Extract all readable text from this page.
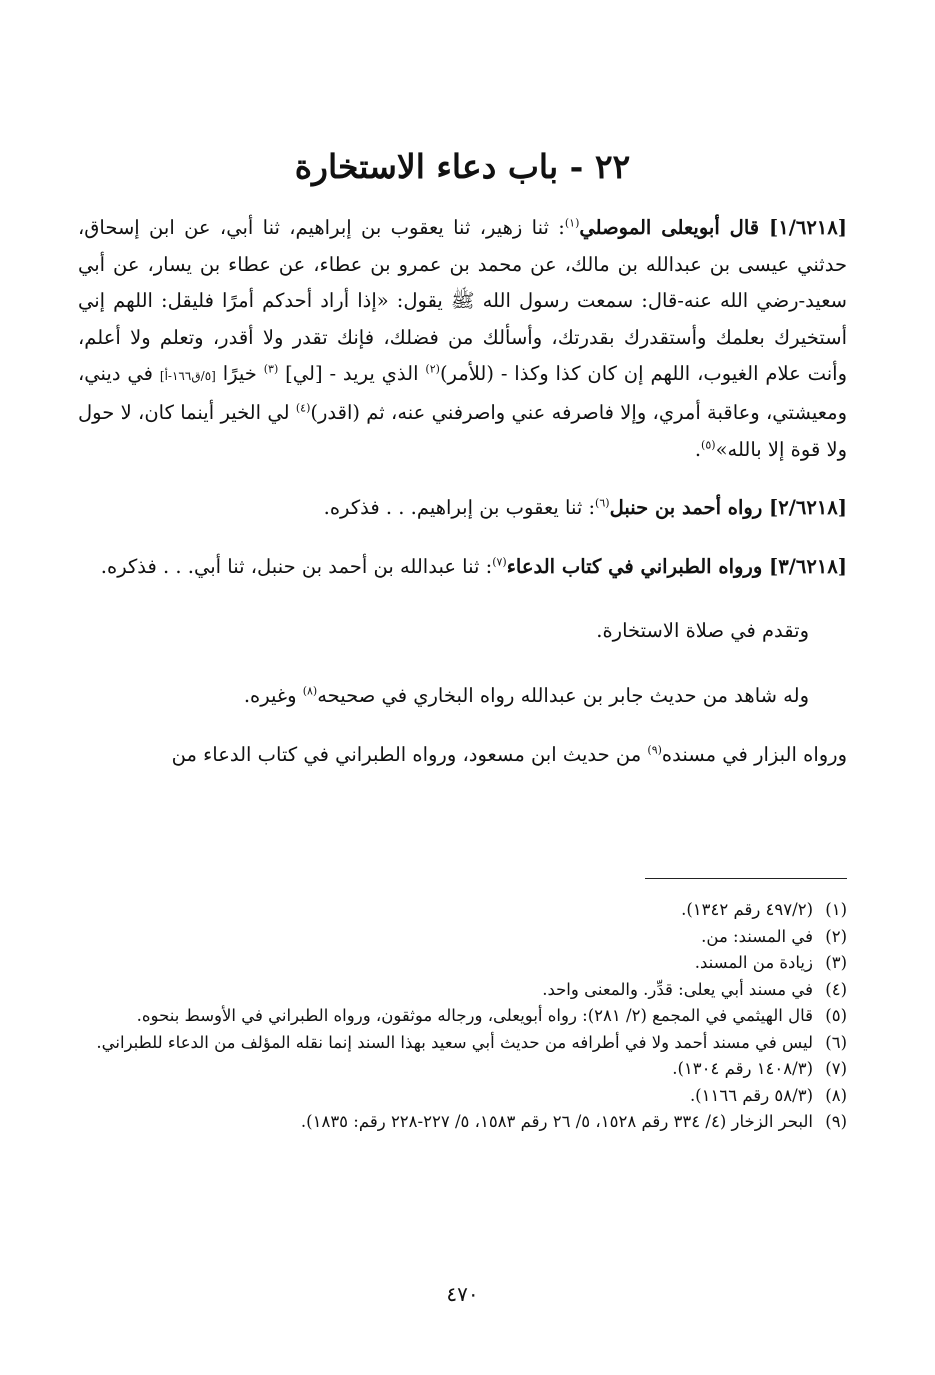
٢٢ - باب دعاء الاستخارة

[١/٦٢١٨] قال أبويعلى الموصلي$^{(١)}$: ثنا زهير، ثنا يعقوب بن إبراهيم، ثنا أبي، عن ابن إسحاق، حدثني عيسى بن عبدالله بن مالك، عن محمد بن عمرو بن عطاء، عن عطاء بن يسار، عن أبي سعيد-رضي الله عنه-قال: سمعت رسول الله ﷺ يقول: «إذا أراد أحدكم أمرًا فليقل: اللهم إني أستخيرك بعلمك وأستقدرك بقدرتك، وأسألك من فضلك، فإنك تقدر ولا أقدر، وتعلم ولا أعلم، وأنت علام الغيوب، اللهم إن كان كذا وكذا - (للأمر)$^{(٢)}$ الذي يريد - [لي] $^{(٣)}$ خيرًا [٥/ق١٦٦-أ] في ديني، ومعيشتي، وعاقبة أمري، وإلا فاصرفه عني واصرفني عنه، ثم (اقدر)$^{(٤)}$ لي الخير أينما كان، لا حول ولا قوة إلا بالله»$^{(٥)}$.

[٢/٦٢١٨] رواه أحمد بن حنبل$^{(٦)}$: ثنا يعقوب بن إبراهيم. . . فذكره.

[٣/٦٢١٨] ورواه الطبراني في كتاب الدعاء$^{(٧)}$: ثنا عبدالله بن أحمد بن حنبل، ثنا أبي. . . فذكره.

وتقدم في صلاة الاستخارة.

وله شاهد من حديث جابر بن عبدالله رواه البخاري في صحيحه$^{(٨)}$ وغيره.

ورواه البزار في مسنده$^{(٩)}$ من حديث ابن مسعود، ورواه الطبراني في كتاب الدعاء من

(١)
(٤٩٧/٢ رقم ١٣٤٢).
(٢)
في المسند: من.
(٣)
زيادة من المسند.
(٤)
في مسند أبي يعلى: قدِّر. والمعنى واحد.
(٥)
قال الهيثمي في المجمع (٢/ ٢٨١): رواه أبويعلى، ورجاله موثقون، ورواه الطبراني في الأوسط بنحوه.
(٦)
ليس في مسند أحمد ولا في أطرافه من حديث أبي سعيد بهذا السند إنما نقله المؤلف من الدعاء للطبراني.
(٧)
(١٤٠٨/٣ رقم ١٣٠٤).
(٨)
(٥٨/٣ رقم ١١٦٦).
(٩)
البحر الزخار (٤/ ٣٣٤ رقم ١٥٢٨، ٥/ ٢٦ رقم ١٥٨٣، ٥/ ٢٢٧-٢٢٨ رقم: ١٨٣٥).
٤٧٠
